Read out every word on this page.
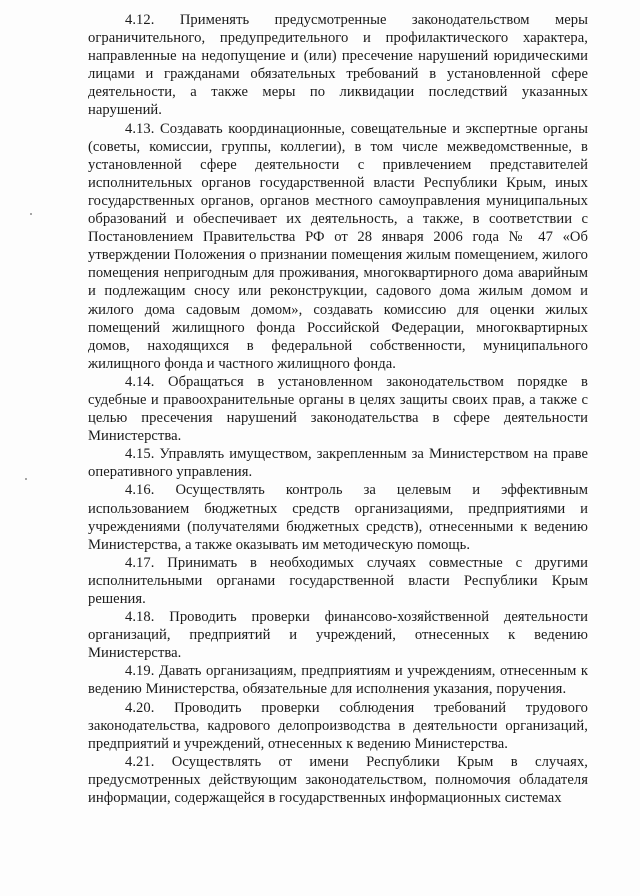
4.12. Применять предусмотренные законодательством меры ограничительного, предупредительного и профилактического характера, направленные на недопущение и (или) пресечение нарушений юридическими лицами и гражданами обязательных требований в установленной сфере деятельности, а также меры по ликвидации последствий указанных нарушений.

4.13. Создавать координационные, совещательные и экспертные органы (советы, комиссии, группы, коллегии), в том числе межведомственные, в установленной сфере деятельности с привлечением представителей исполнительных органов государственной власти Республики Крым, иных государственных органов, органов местного самоуправления муниципальных образований и обеспечивает их деятельность, а также, в соответствии с Постановлением Правительства РФ от 28 января 2006 года № 47 «Об утверждении Положения о признании помещения жилым помещением, жилого помещения непригодным для проживания, многоквартирного дома аварийным и подлежащим сносу или реконструкции, садового дома жилым домом и жилого дома садовым домом», создавать комиссию для оценки жилых помещений жилищного фонда Российской Федерации, многоквартирных домов, находящихся в федеральной собственности, муниципального жилищного фонда и частного жилищного фонда.

4.14. Обращаться в установленном законодательством порядке в судебные и правоохранительные органы в целях защиты своих прав, а также с целью пресечения нарушений законодательства в сфере деятельности Министерства.

4.15. Управлять имуществом, закрепленным за Министерством на праве оперативного управления.

4.16. Осуществлять контроль за целевым и эффективным использованием бюджетных средств организациями, предприятиями и учреждениями (получателями бюджетных средств), отнесенными к ведению Министерства, а также оказывать им методическую помощь.

4.17. Принимать в необходимых случаях совместные с другими исполнительными органами государственной власти Республики Крым решения.

4.18. Проводить проверки финансово-хозяйственной деятельности организаций, предприятий и учреждений, отнесенных к ведению Министерства.

4.19. Давать организациям, предприятиям и учреждениям, отнесенным к ведению Министерства, обязательные для исполнения указания, поручения.

4.20. Проводить проверки соблюдения требований трудового законодательства, кадрового делопроизводства в деятельности организаций, предприятий и учреждений, отнесенных к ведению Министерства.

4.21. Осуществлять от имени Республики Крым в случаях, предусмотренных действующим законодательством, полномочия обладателя информации, содержащейся в государственных информационных системах
